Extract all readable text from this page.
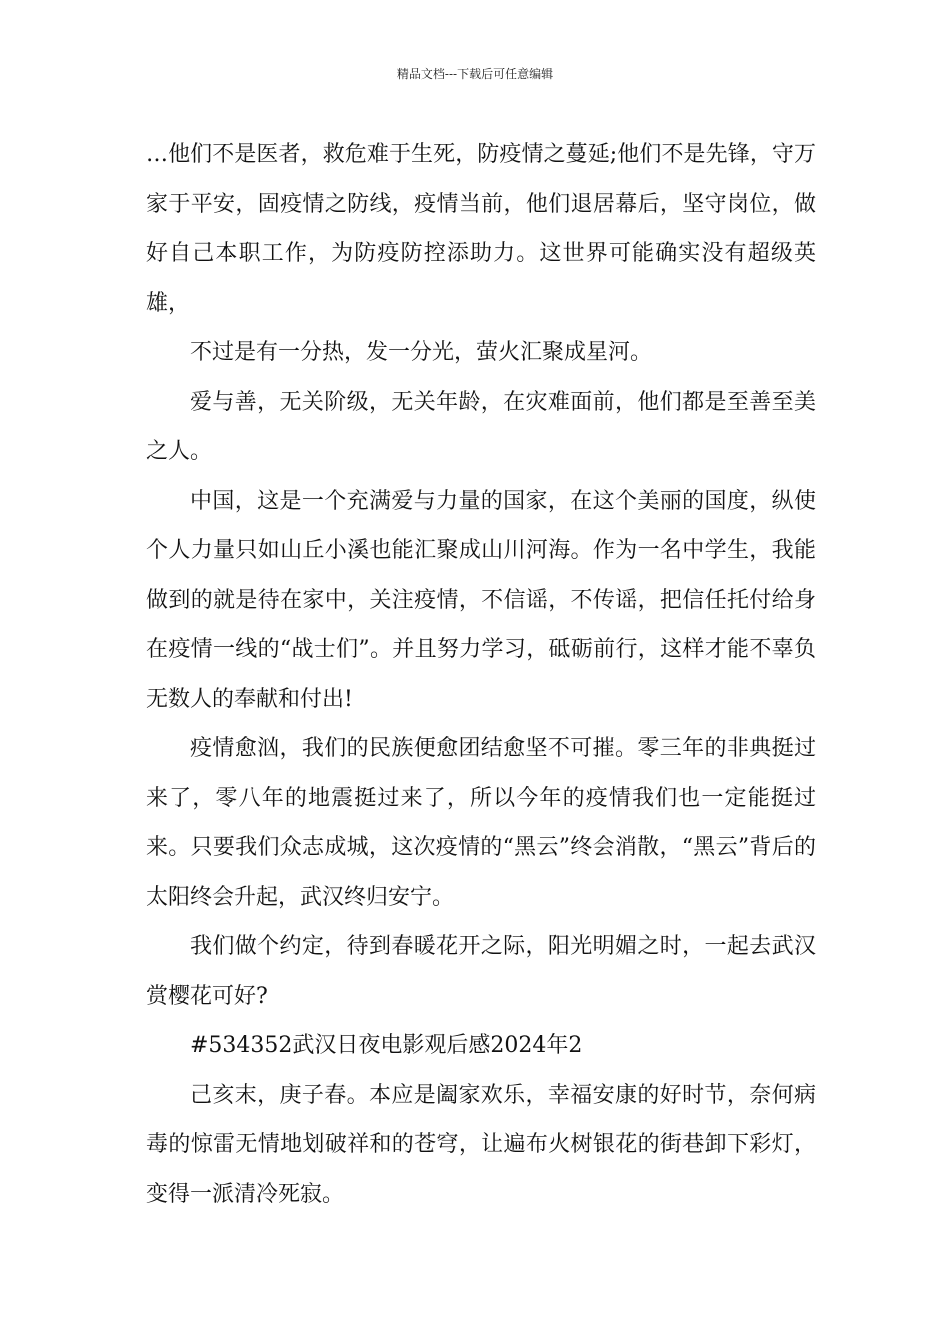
精品文档---下载后可任意编辑

…他们不是医者，救危难于生死，防疫情之蔓延;他们不是先锋，守万家于平安，固疫情之防线，疫情当前，他们退居幕后，坚守岗位，做好自己本职工作，为防疫防控添助力。这世界可能确实没有超级英雄，

不过是有一分热，发一分光，萤火汇聚成星河。

爱与善，无关阶级，无关年龄，在灾难面前，他们都是至善至美之人。

中国，这是一个充满爱与力量的国家，在这个美丽的国度，纵使个人力量只如山丘小溪也能汇聚成山川河海。作为一名中学生，我能做到的就是待在家中，关注疫情，不信谣，不传谣，把信任托付给身在疫情一线的“战士们”。并且努力学习，砥砺前行，这样才能不辜负无数人的奉献和付出!

疫情愈汹，我们的民族便愈团结愈坚不可摧。零三年的非典挺过来了，零八年的地震挺过来了，所以今年的疫情我们也一定能挺过来。只要我们众志成城，这次疫情的“黑云”终会消散，“黑云”背后的太阳终会升起，武汉终归安宁。

我们做个约定，待到春暖花开之际，阳光明媚之时，一起去武汉赏樱花可好?

#534352武汉日夜电影观后感2024年2

己亥末，庚子春。本应是阖家欢乐，幸福安康的好时节，奈何病毒的惊雷无情地划破祥和的苍穹，让遍布火树银花的街巷卸下彩灯，变得一派清冷死寂。
